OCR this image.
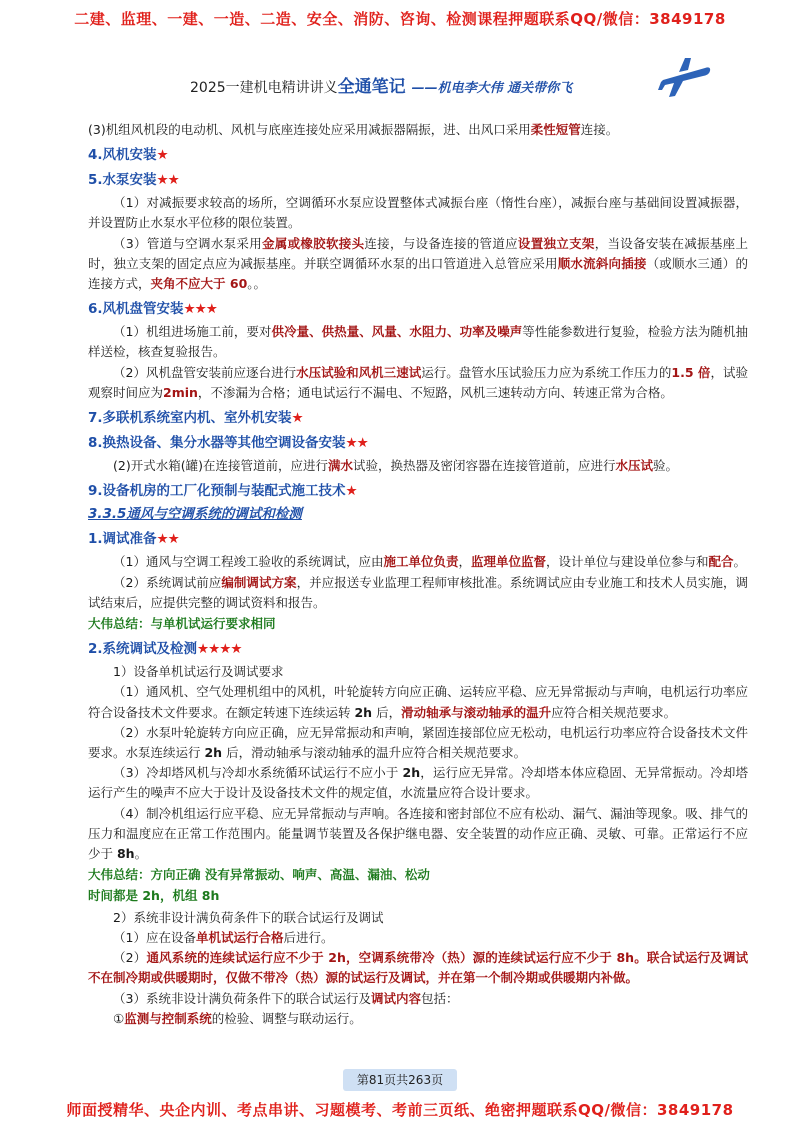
二建、监理、一建、一造、二造、安全、消防、咨询、检测课程押题联系QQ/微信：3849178
2025一建机电精讲讲义全通笔记 ——机电李大伟 通关带你飞

(3)机组风机段的电动机、风机与底座连接处应采用减振器隔振，进、出风口采用柔性短管连接。

4.风机安装★
5.水泵安装★★

（1）对减振要求较高的场所，空调循环水泵应设置整体式减振台座（惰性台座），减振台座与基础间设置减振器，并设置防止水泵水平位移的限位装置。

（3）管道与空调水泵采用金属或橡胶软接头连接，与设备连接的管道应设置独立支架，当设备安装在减振基座上时，独立支架的固定点应为减振基座。并联空调循环水泵的出口管道进入总管应采用顺水流斜向插接（或顺水三通）的连接方式，夹角不应大于 60。。

6.风机盘管安装★★★

（1）机组进场施工前，要对供冷量、供热量、风量、水阻力、功率及噪声等性能参数进行复验，检验方法为随机抽样送检，核查复验报告。

（2）风机盘管安装前应逐台进行水压试验和风机三速试运行。盘管水压试验压力应为系统工作压力的1.5 倍，试验观察时间应为2min，不渗漏为合格；通电试运行不漏电、不短路，风机三速转动方向、转速正常为合格。

7.多联机系统室内机、室外机安装★
8.换热设备、集分水器等其他空调设备安装★★

(2)开式水箱(罐)在连接管道前，应进行满水试验，换热器及密闭容器在连接管道前，应进行水压试验。

9.设备机房的工厂化预制与装配式施工技术★
3.3.5通风与空调系统的调试和检测
1.调试准备★★

（1）通风与空调工程竣工验收的系统调试，应由施工单位负责，监理单位监督，设计单位与建设单位参与和配合。

（2）系统调试前应编制调试方案，并应报送专业监理工程师审核批准。系统调试应由专业施工和技术人员实施，调试结束后，应提供完整的调试资料和报告。

大伟总结：与单机试运行要求相同
2.系统调试及检测★★★★

1）设备单机试运行及调试要求

（1）通风机、空气处理机组中的风机，叶轮旋转方向应正确、运转应平稳、应无异常振动与声响，电机运行功率应符合设备技术文件要求。在额定转速下连续运转 2h 后，滑动轴承与滚动轴承的温升应符合相关规范要求。

（2）水泵叶轮旋转方向应正确，应无异常振动和声响，紧固连接部位应无松动，电机运行功率应符合设备技术文件要求。水泵连续运行 2h 后，滑动轴承与滚动轴承的温升应符合相关规范要求。

（3）冷却塔风机与冷却水系统循环试运行不应小于 2h，运行应无异常。冷却塔本体应稳固、无异常振动。冷却塔运行产生的噪声不应大于设计及设备技术文件的规定值，水流量应符合设计要求。

（4）制冷机组运行应平稳、应无异常振动与声响。各连接和密封部位不应有松动、漏气、漏油等现象。吸、排气的压力和温度应在正常工作范围内。能量调节装置及各保护继电器、安全装置的动作应正确、灵敏、可靠。正常运行不应少于 8h。

大伟总结：方向正确 没有异常振动、响声、高温、漏油、松动
时间都是 2h，机组 8h

2）系统非设计满负荷条件下的联合试运行及调试

（1）应在设备单机试运行合格后进行。

（2）通风系统的连续试运行应不少于 2h，空调系统带冷（热）源的连续试运行应不少于 8h。联合试运行及调试不在制冷期或供暖期时，仅做不带冷（热）源的试运行及调试，并在第一个制冷期或供暖期内补做。

（3）系统非设计满负荷条件下的联合试运行及调试内容包括：

①监测与控制系统的检验、调整与联动运行。

第81页共263页
师面授精华、央企内训、考点串讲、习题模考、考前三页纸、绝密押题联系QQ/微信：3849178
